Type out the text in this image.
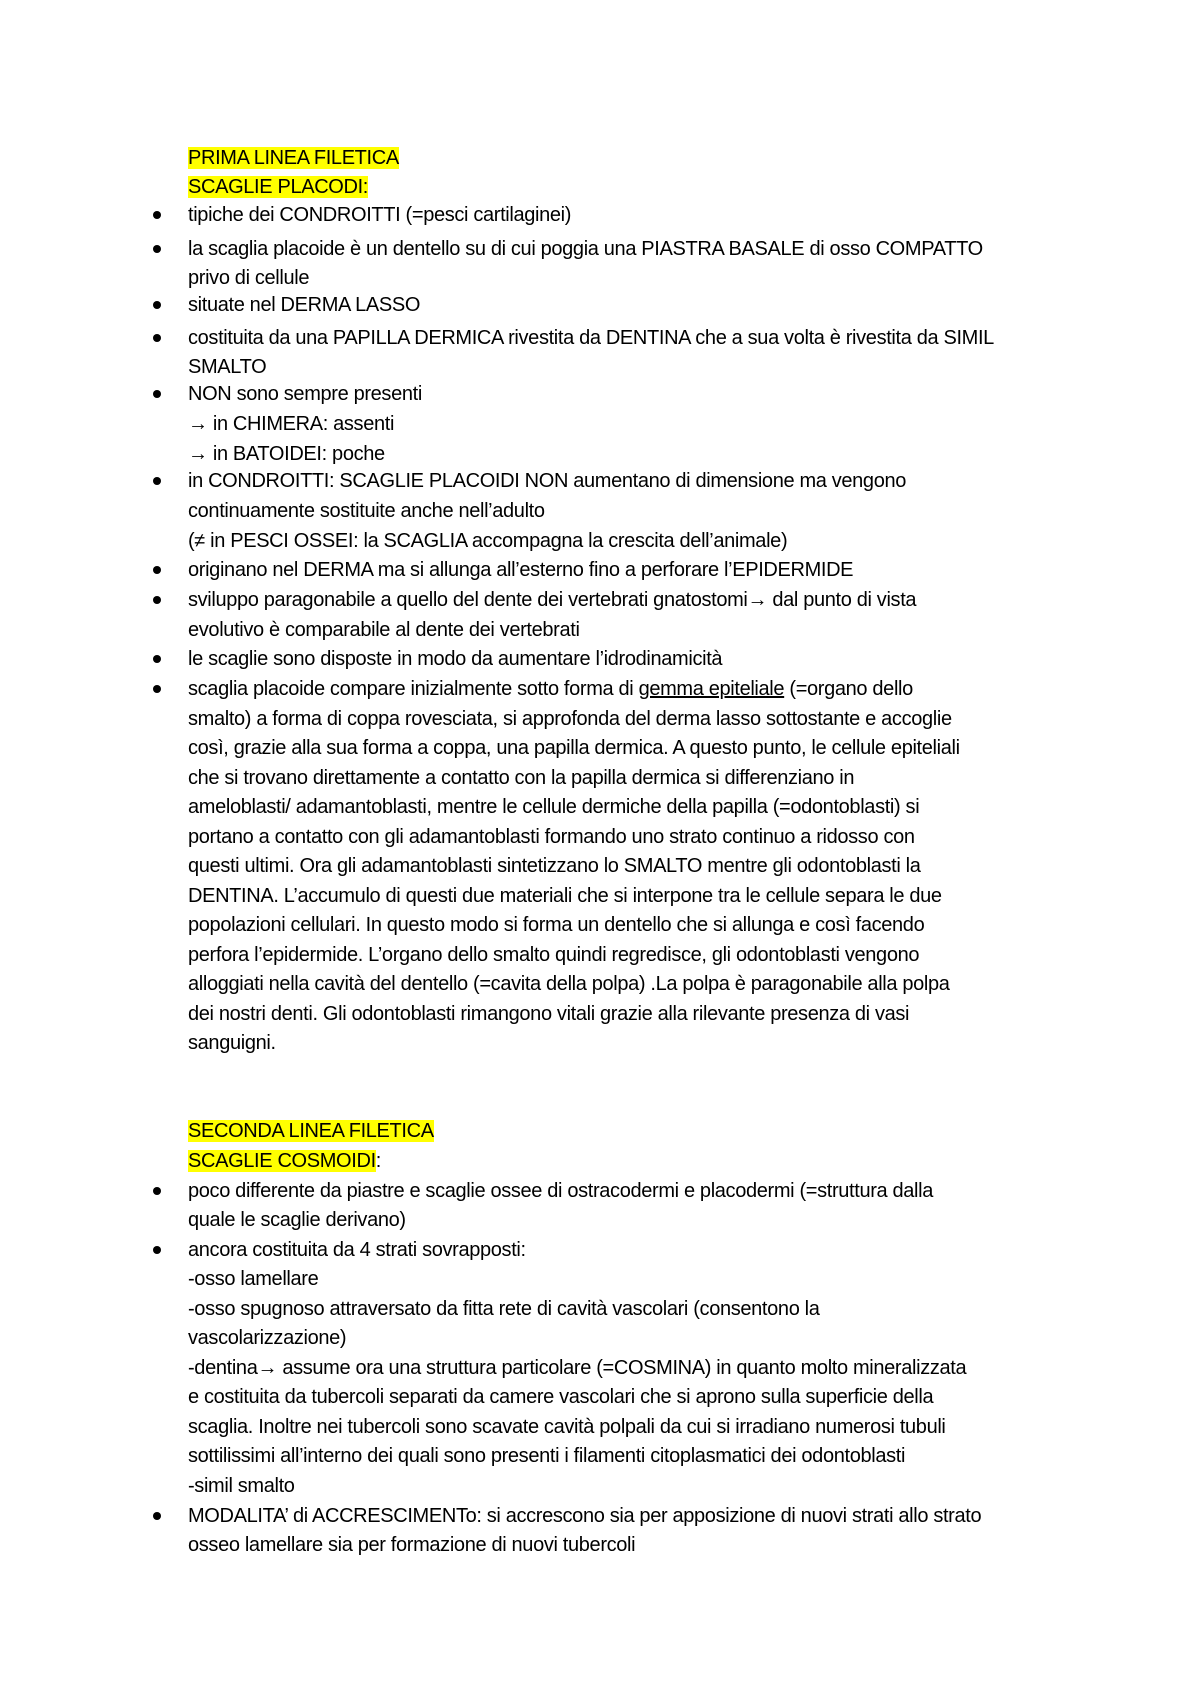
PRIMA LINEA FILETICA
SCAGLIE PLACODI:
tipiche dei CONDROITTI (=pesci cartilaginei)
la scaglia placoide è un dentello su di cui poggia una PIASTRA BASALE di osso COMPATTO
privo di cellule
situate nel DERMA LASSO
costituita da una PAPILLA DERMICA rivestita da DENTINA che a sua volta è rivestita da SIMIL
SMALTO
NON sono sempre presenti
→ in CHIMERA: assenti
→ in BATOIDEI: poche
in CONDROITTI: SCAGLIE PLACOIDI NON aumentano di dimensione ma vengono
continuamente sostituite anche nell’adulto
(≠ in PESCI OSSEI: la SCAGLIA accompagna la crescita dell’animale)
originano nel DERMA ma si allunga all’esterno fino a perforare l’EPIDERMIDE
sviluppo paragonabile a quello del dente dei vertebrati gnatostomi→ dal punto di vista
evolutivo è comparabile al dente dei vertebrati
le scaglie sono disposte in modo da aumentare l’idrodinamicità
scaglia placoide compare inizialmente sotto forma di gemma epiteliale (=organo dello
smalto) a forma di coppa rovesciata, si approfonda del derma lasso sottostante e accoglie
così, grazie alla sua forma a coppa, una papilla dermica. A questo punto, le cellule epiteliali
che si trovano direttamente a contatto con la papilla dermica si differenziano in
ameloblasti/ adamantoblasti, mentre le cellule dermiche della papilla (=odontoblasti) si
portano a contatto con gli adamantoblasti formando uno strato continuo a ridosso con
questi ultimi. Ora gli adamantoblasti sintetizzano lo SMALTO mentre gli odontoblasti la
DENTINA. L’accumulo di questi due materiali che si interpone tra le cellule separa le due
popolazioni cellulari. In questo modo si forma un dentello che si allunga e così facendo
perfora l’epidermide. L’organo dello smalto quindi regredisce, gli odontoblasti vengono
alloggiati nella cavità del dentello (=cavita della polpa) .La polpa è paragonabile alla polpa
dei nostri denti. Gli odontoblasti rimangono vitali grazie alla rilevante presenza di vasi
sanguigni.
SECONDA LINEA FILETICA
SCAGLIE COSMOIDI:
poco differente da piastre e scaglie ossee di ostracodermi e placodermi (=struttura dalla
quale le scaglie derivano)
ancora costituita da 4 strati sovrapposti:
-osso lamellare
-osso spugnoso attraversato da fitta rete di cavità vascolari (consentono la
vascolarizzazione)
-dentina→ assume ora una struttura particolare (=COSMINA) in quanto molto mineralizzata
e costituita da tubercoli separati da camere vascolari che si aprono sulla superficie della
scaglia. Inoltre nei tubercoli sono scavate cavità polpali da cui si irradiano numerosi tubuli
sottilissimi all’interno dei quali sono presenti i filamenti citoplasmatici dei odontoblasti
-simil smalto
MODALITA’ di ACCRESCIMENTo: si accrescono sia per apposizione di nuovi strati allo strato
osseo lamellare sia per formazione di nuovi tubercoli
